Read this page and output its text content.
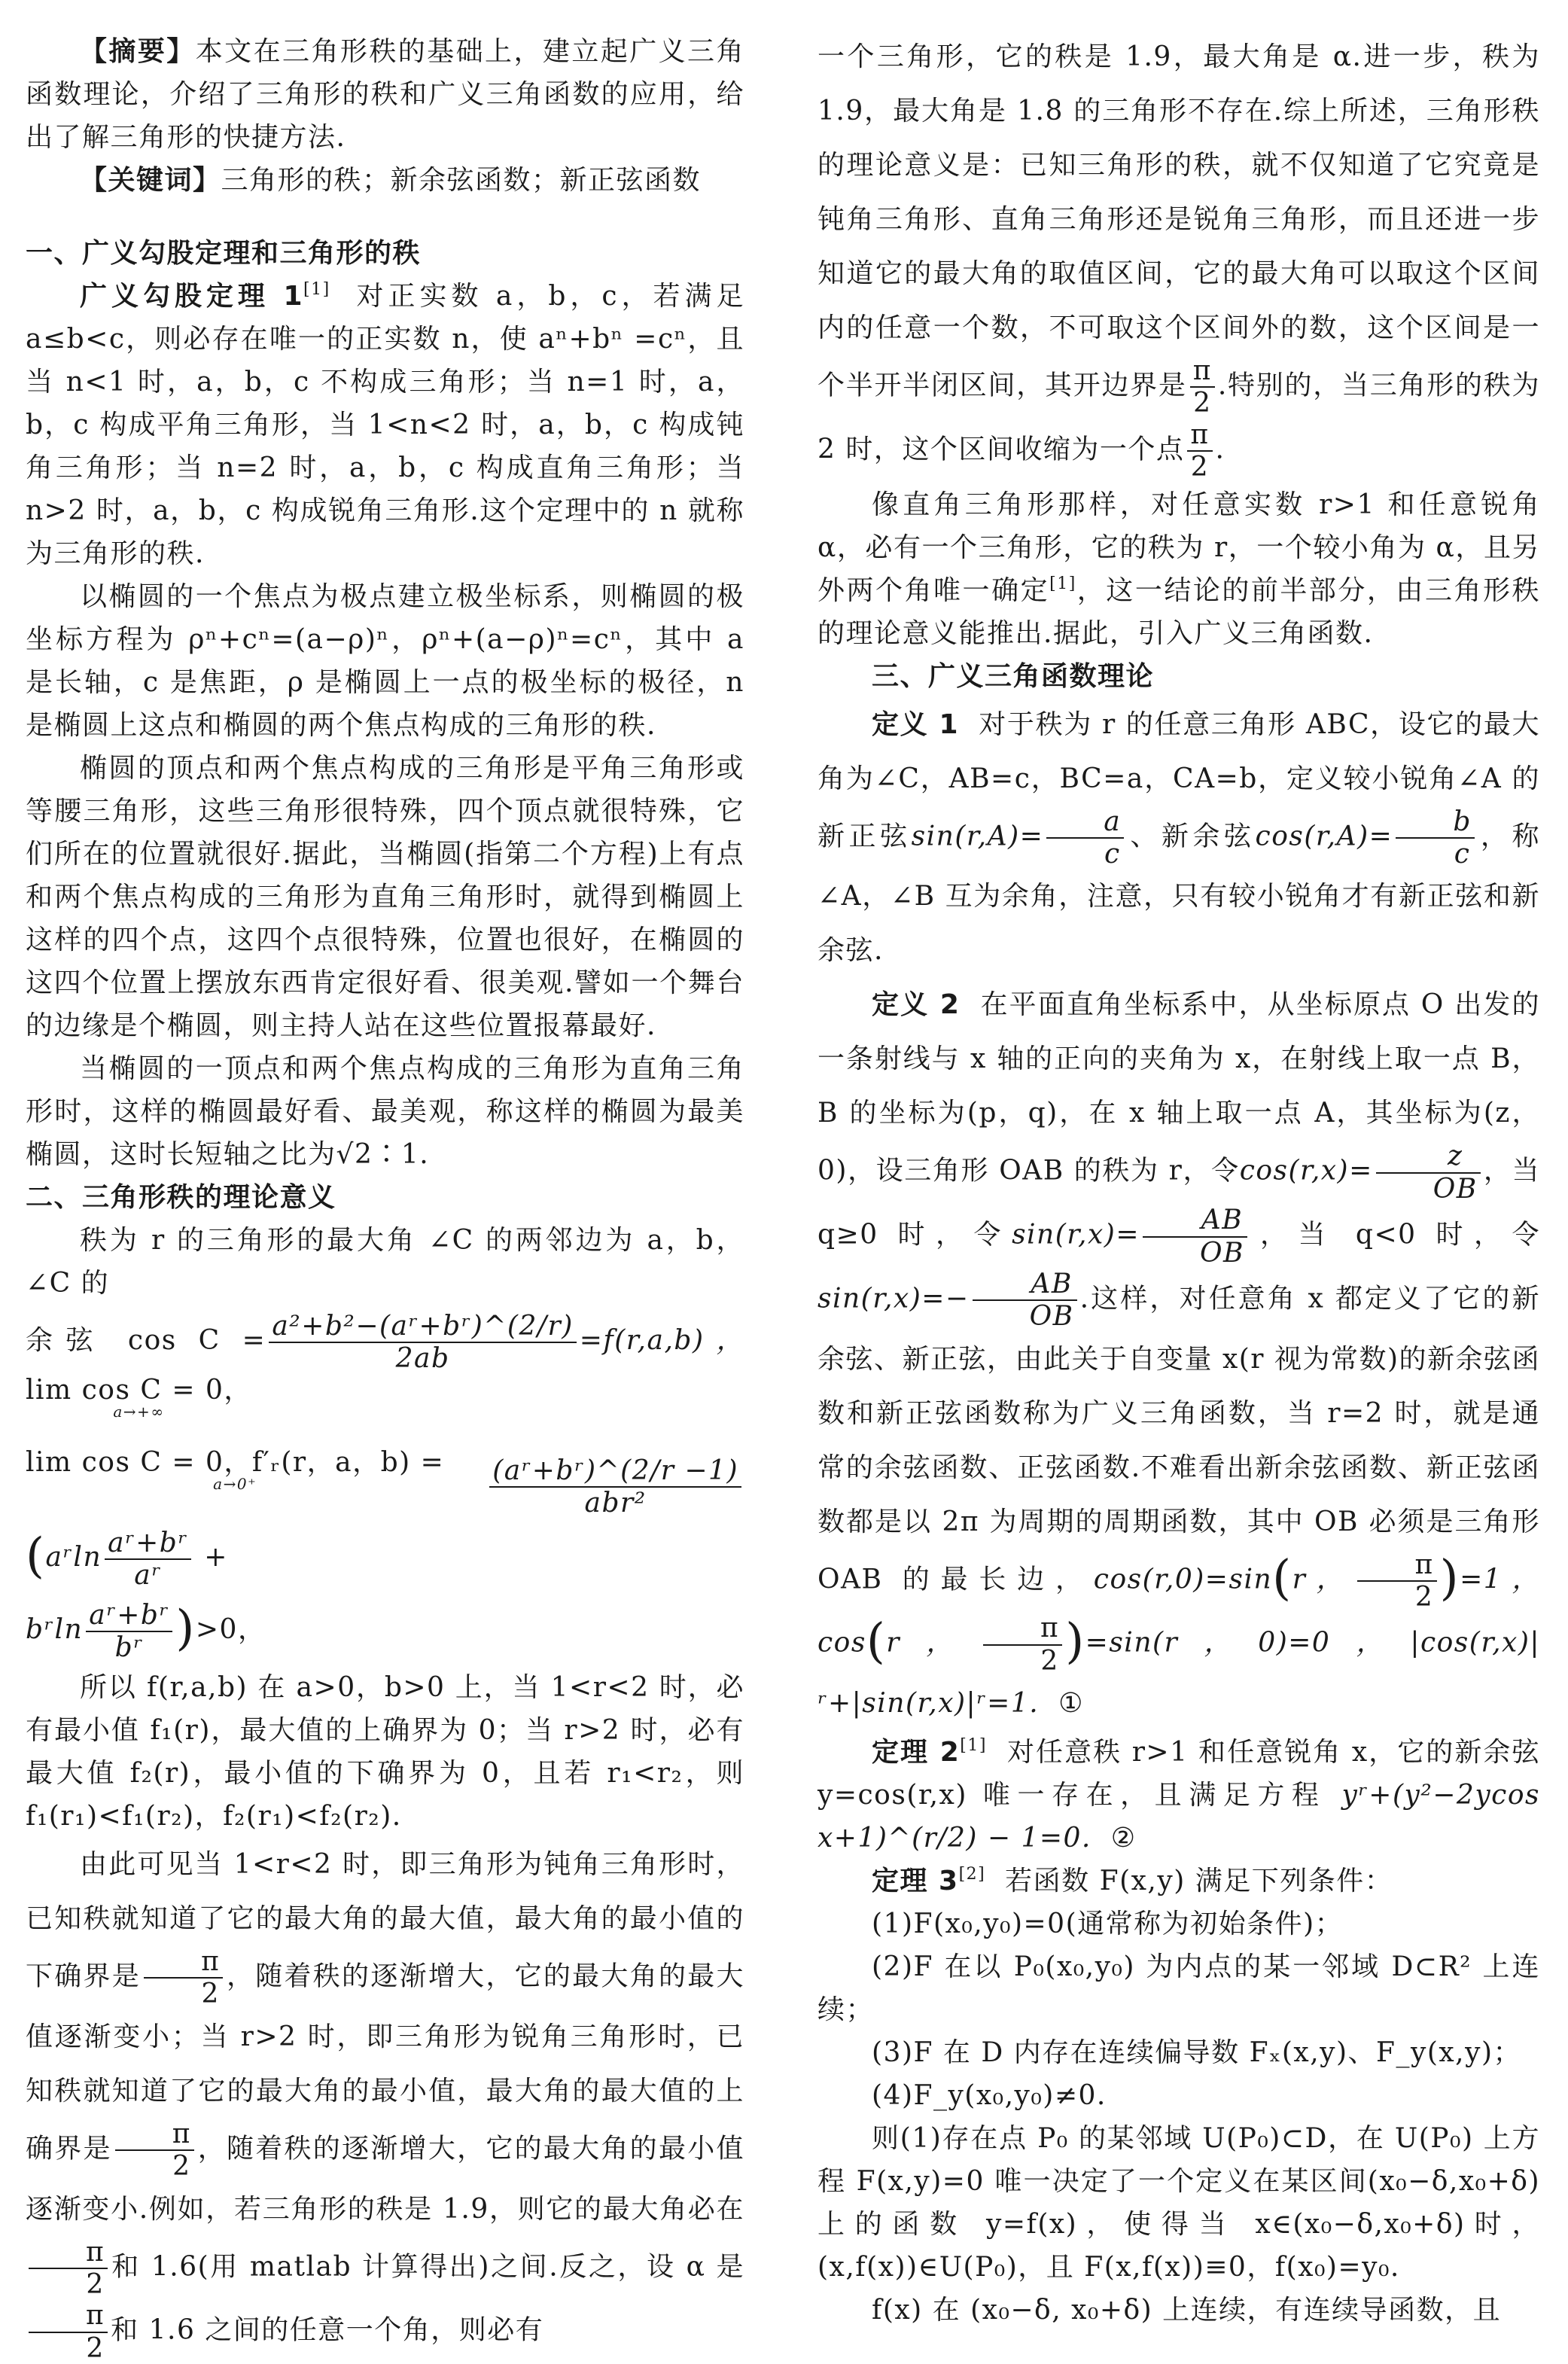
【摘要】本文在三角形秩的基础上，建立起广义三角函数理论，介绍了三角形的秩和广义三角函数的应用，给出了解三角形的快捷方法.

【关键词】三角形的秩；新余弦函数；新正弦函数

一、广义勾股定理和三角形的秩

广义勾股定理 1[1] 对正实数 a，b，c，若满足 a≤b<c，则必存在唯一的正实数 n，使 aⁿ+bⁿ =cⁿ，且当 n<1 时，a，b，c 不构成三角形；当 n=1 时，a，b，c 构成平角三角形，当 1<n<2 时，a，b，c 构成钝角三角形；当 n=2 时，a，b，c 构成直角三角形；当 n>2 时，a，b，c 构成锐角三角形.这个定理中的 n 就称为三角形的秩.

以椭圆的一个焦点为极点建立极坐标系，则椭圆的极坐标方程为 ρⁿ+cⁿ=(a−ρ)ⁿ，ρⁿ+(a−ρ)ⁿ=cⁿ，其中 a 是长轴，c 是焦距，ρ 是椭圆上一点的极坐标的极径，n 是椭圆上这点和椭圆的两个焦点构成的三角形的秩.

椭圆的顶点和两个焦点构成的三角形是平角三角形或等腰三角形，这些三角形很特殊，四个顶点就很特殊，它们所在的位置就很好.据此，当椭圆(指第二个方程)上有点和两个焦点构成的三角形为直角三角形时，就得到椭圆上这样的四个点，这四个点很特殊，位置也很好，在椭圆的这四个位置上摆放东西肯定很好看、很美观.譬如一个舞台的边缘是个椭圆，则主持人站在这些位置报幕最好.

当椭圆的一顶点和两个焦点构成的三角形为直角三角形时，这样的椭圆最好看、最美观，称这样的椭圆为最美椭圆，这时长短轴之比为√2∶1.

二、三角形秩的理论意义

秩为 r 的三角形的最大角 ∠C 的两邻边为 a，b，∠C 的

余弦 $\cos C = \frac{\text{a²+b²−(aʳ+bʳ)\textasciicircum{}(2/r)}}{2ab} =f(r,a,b)$， lim cos C = 0，
a→+∞

lim cos C = 0，f′ᵣ(r，a，b) =
a→0⁺
	$\frac{\text{(aʳ+bʳ)\textasciicircum{}(2/r −1)}}{\text{abr²}}$
(aʳln $\frac{\text{aʳ+bʳ}}{\text{aʳ}}$ +

bʳln $\frac{\text{aʳ+bʳ}}{\text{bʳ}} )>0$，

所以 f(r,a,b) 在 a>0，b>0 上，当 1<r<2 时，必有最小值 f₁(r)，最大值的上确界为 0；当 r>2 时，必有最大值 f₂(r)，最小值的下确界为 0，且若 r₁<r₂，则 f₁(r₁)<f₁(r₂)，f₂(r₁)<f₂(r₂).

由此可见当 1<r<2 时，即三角形为钝角三角形时，已知秩就知道了它的最大角的最大值，最大角的最小值的下确界是 $\frac{\pi}{2}$ ，随着秩的逐渐增大，它的最大角的最大值逐渐变小；当 r>2 时，即三角形为锐角三角形时，已知秩就知道了它的最大角的最小值，最大角的最大值的上确界是 $\frac{\pi}{2}$ ，随着秩的逐渐增大，它的最大角的最小值逐渐变小.例如，若三角形的秩是 1.9，则它的最大角必在
$\frac{\pi}{2}$ 和 1.6(用 matlab 计算得出)之间.反之，设 α 是
$\frac{\pi}{2}$ 和 1.6 之间的任意一个角，则必有

一个三角形，它的秩是 1.9，最大角是 α.进一步，秩为 1.9，最大角是 1.8 的三角形不存在.综上所述，三角形秩的理论意义是：已知三角形的秩，就不仅知道了它究竟是钝角三角形、直角三角形还是锐角三角形，而且还进一步知道它的最大角的取值区间，它的最大角可以取这个区间内的任意一个数，不可取这个区间外的数，这个区间是一个半开半闭区间，其开边界是 $\frac{\pi}{2}$ .特别的，当三角形的秩为 2 时，这个区间收缩为一个点 $\frac{\pi}{2}$ .

像直角三角形那样，对任意实数 r>1 和任意锐角 α，必有一个三角形，它的秩为 r，一个较小角为 α，且另外两个角唯一确定[1]，这一结论的前半部分，由三角形秩的理论意义能推出.据此，引入广义三角函数.

三、广义三角函数理论

定义 1 对于秩为 r 的任意三角形 ABC，设它的最大角为∠C，AB=c，BC=a，CA=b，定义较小锐角∠A 的新正弦$\sin(r,A)= \frac{a}{c}$ 、新余弦$\cos(r,A)= \frac{b}{c}$ ，称∠A，∠B 互为余角，注意，只有较小锐角才有新正弦和新余弦.

定义 2 在平面直角坐标系中，从坐标原点 O 出发的一条射线与 x 轴的正向的夹角为 x，在射线上取一点 B，B 的坐标为(p，q)，在 x 轴上取一点 A，其坐标为(z，0)，设三角形 OAB 的秩为 r，令$\cos(r,x)= \frac{z}{OB}$ ，当 q≥0 时，令$\sin(r,x)= \frac{AB}{OB}$ ，当 q<0 时，令$\sin(r,x)=- \frac{AB}{OB}$ .这样，对任意角 x 都定义了它的新余弦、新正弦，由此关于自变量 x(r 视为常数)的新余弦函数和新正弦函数称为广义三角函数，当 r=2 时，就是通常的余弦函数、正弦函数.不难看出新余弦函数、新正弦函数都是以 2π 为周期的周期函数，其中 OB 必须是三角形 OAB 的最长边，cos(r,0)=sin(r， $\frac{\pi}{2} )=1$，cos(r， $\frac{\pi}{2} )=\sin(r$，0)=0，|cos(r,x)|ʳ+|sin(r,x)|ʳ=1. ①

定理 2[1] 对任意秩 r>1 和任意锐角 x，它的新余弦 y=cos(r,x) 唯一存在，且满足方程 yʳ+(y²−2ycos x+1)^(r/2) − 1=0. ②

定理 3[2] 若函数 F(x,y) 满足下列条件：

(1)F(x₀,y₀)=0(通常称为初始条件)；

(2)F 在以 P₀(x₀,y₀) 为内点的某一邻域 D⊂R² 上连续；

(3)F 在 D 内存在连续偏导数 Fₓ(x,y)、F_y(x,y)；

(4)F_y(x₀,y₀)≠0.

则(1)存在点 P₀ 的某邻域 U(P₀)⊂D，在 U(P₀) 上方程 F(x,y)=0 唯一决定了一个定义在某区间(x₀−δ,x₀+δ)上的函数 y=f(x)，使得当 x∈(x₀−δ,x₀+δ)时，(x,f(x))∈U(P₀)，且 F(x,f(x))≡0，f(x₀)=y₀.

f(x) 在 (x₀−δ, x₀+δ) 上连续，有连续导函数，且
